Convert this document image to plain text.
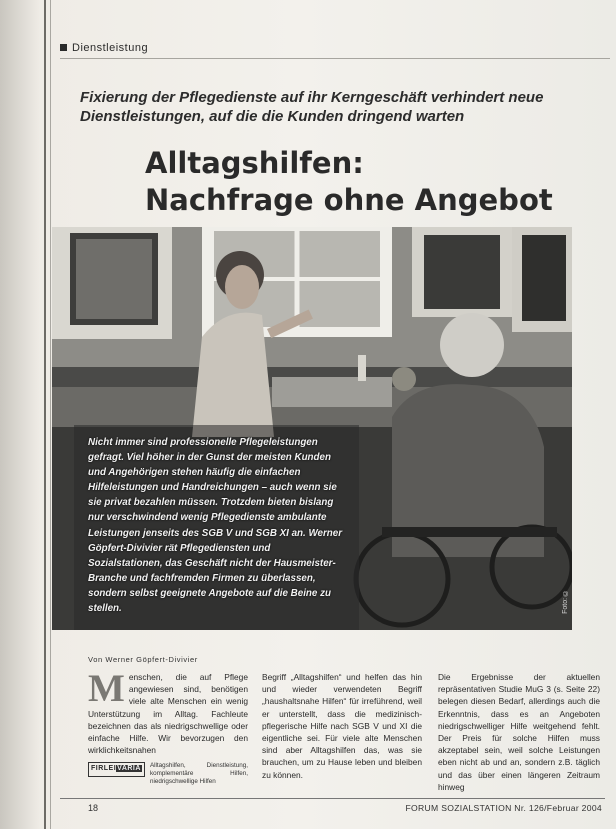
Dienstleistung
Fixierung der Pflegedienste auf ihr Kerngeschäft verhindert neue Dienstleistungen, auf die die Kunden dringend warten
Alltagshilfen:
Nachfrage ohne Angebot
Nicht immer sind professionelle Pflegeleistungen gefragt. Viel höher in der Gunst der meisten Kunden und Angehörigen stehen häufig die einfachen Hilfeleistungen und Handreichungen – auch wenn sie sie privat bezahlen müssen. Trotzdem bieten bislang nur verschwindend wenig Pflegedienste ambulante Leistungen jenseits des SGB V und SGB XI an. Werner Göpfert-Divivier rät Pflegediensten und Sozialstationen, das Geschäft nicht der Hausmeister-Branche und fachfremden Firmen zu überlassen, sondern selbst geeignete Angebote auf die Beine zu stellen.	Foto: ©
Von Werner Göpfert-Divivier

Menschen, die auf Pflege angewiesen sind, benötigen viele alte Menschen ein wenig Unterstützung im Alltag. Fachleute bezeichnen das als niedrigschwellige oder einfache Hilfe. Wir bevorzugen den wirklichkeitsnahen

FIRLEIVARIA	Alltagshilfen, Dienstleistung, komplementäre Hilfen, niedrigschwellige Hilfen
Begriff „Alltagshilfen“ und helfen das hin und wieder verwendeten Begriff „haushaltsnahe Hilfen“ für irreführend, weil er unterstellt, dass die medizinisch-pflegerische Hilfe nach SGB V und XI die eigentliche sei. Für viele alte Menschen sind aber Alltagshilfen das, was sie brauchen, um zu Hause leben und bleiben zu können.
Die Ergebnisse der aktuellen repräsentativen Studie MuG 3 (s. Seite 22) belegen diesen Bedarf, allerdings auch die Erkenntnis, dass es an Angeboten niedrigschwelliger Hilfe weitgehend fehlt. Der Preis für solche Hilfen muss akzeptabel sein, weil solche Leistungen eben nicht ab und an, sondern z.B. täglich und das über einen längeren Zeitraum hinweg
18	FORUM SOZIALSTATION Nr. 126/Februar 2004
